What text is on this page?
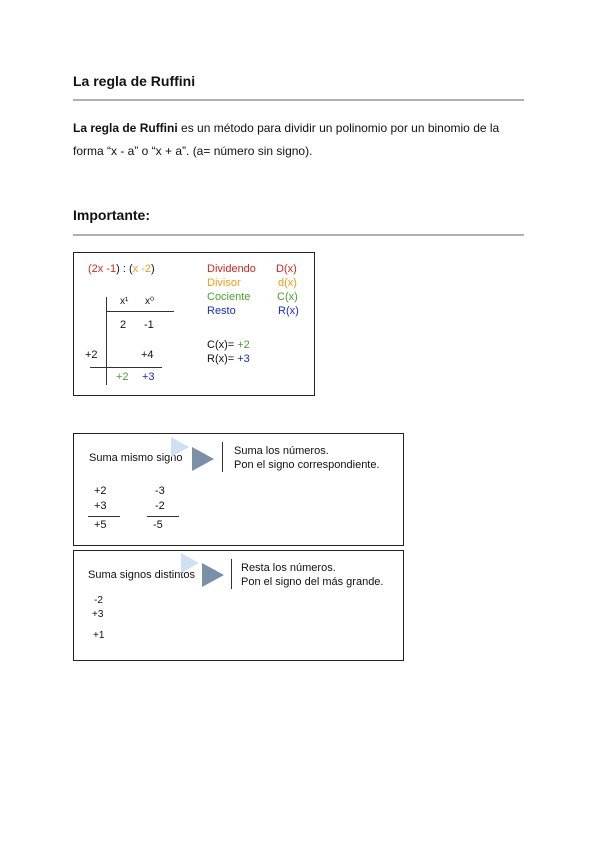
La regla de Ruffini
La regla de Ruffini es un método para dividir un polinomio por un binomio de la
forma “x - a” o “x + a”. (a= número sin signo).
Importante:
(2x -1) : (x -2)
x¹ x⁰
2 -1
+2	+4
+2 +3
Dividendo D(x)
Divisor	d(x)
Cociente C(x)
Resto	R(x)
C(x)= +2
R(x)= +3
Suma mismo signo
Suma los números.
Pon el signo correspondiente.
+2
+3
+5
-3
-2
-5
Suma signos distintos
Resta los números.
Pon el signo del más grande.
-2
+3
+1
